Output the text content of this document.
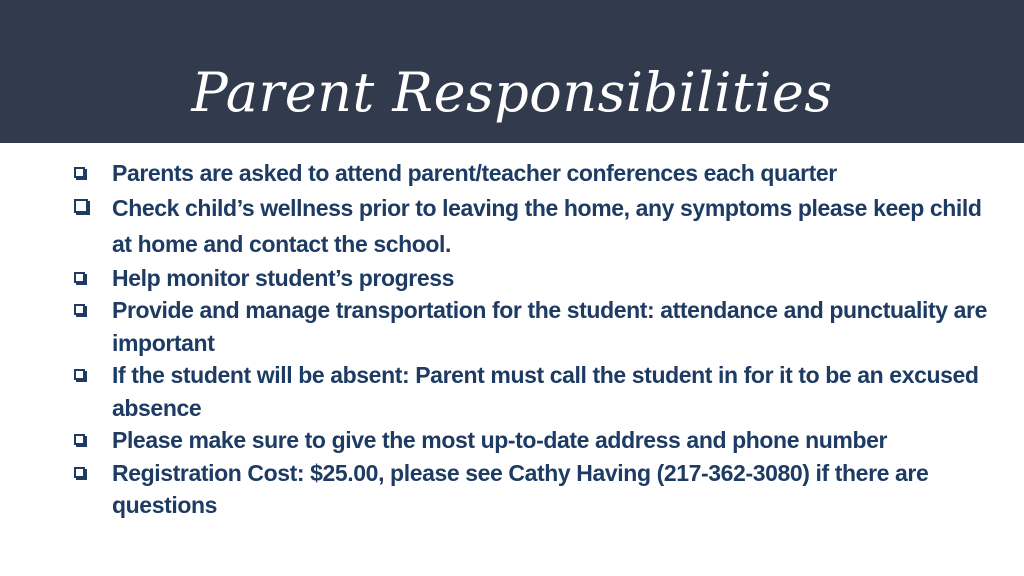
Parent Responsibilities
Parents are asked to attend parent/teacher conferences each quarter
Check child’s wellness prior to leaving the home, any symptoms please keep child at home and contact the school.
Help monitor student’s progress
Provide and manage transportation for the student: attendance and punctuality are important
If the student will be absent: Parent must call the student in for it to be an excused absence
Please make sure to give the most up-to-date address and phone number
Registration Cost: $25.00, please see Cathy Having (217-362-3080) if there are questions
